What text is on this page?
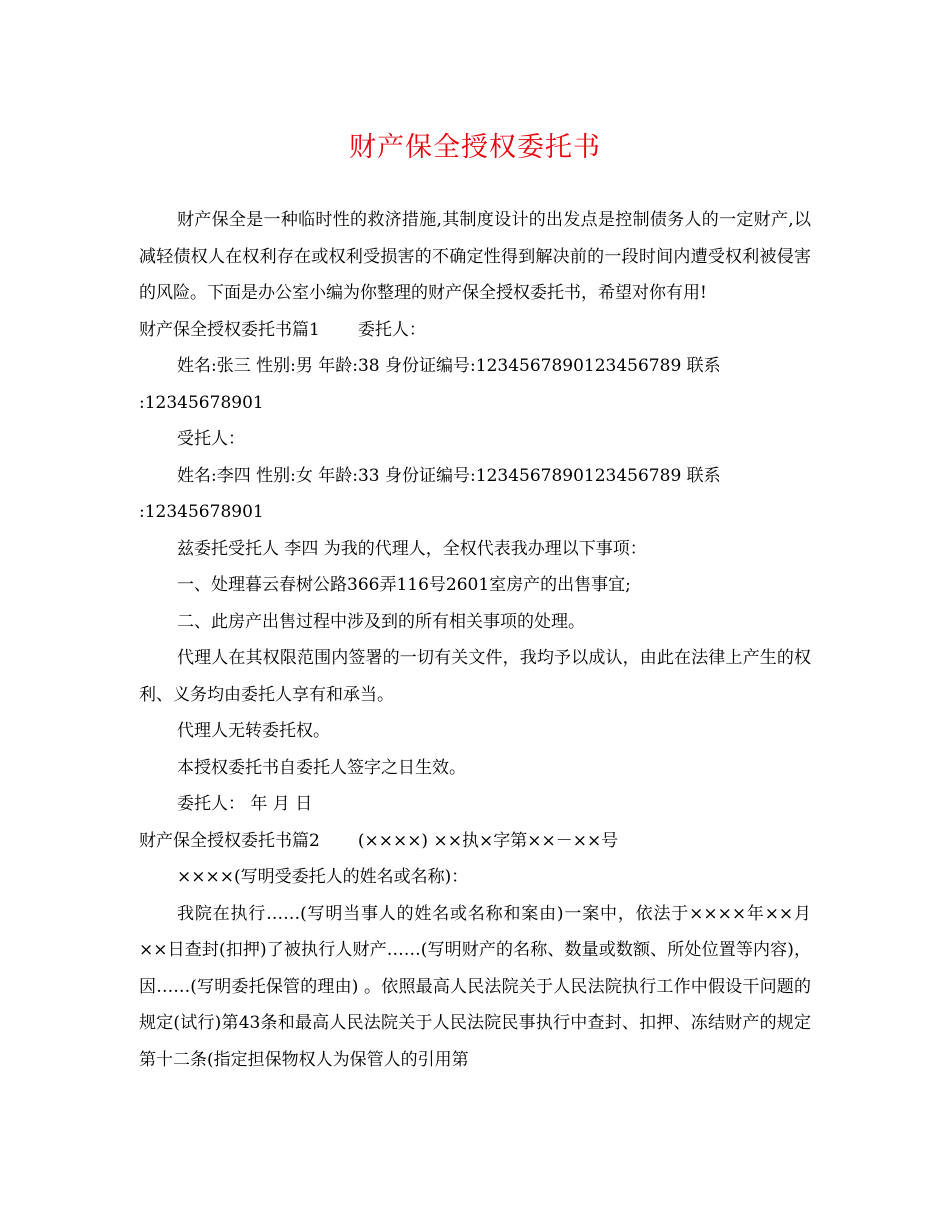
财产保全授权委托书
财产保全是一种临时性的救济措施,其制度设计的出发点是控制债务人的一定财产,以减轻债权人在权利存在或权利受损害的不确定性得到解决前的一段时间内遭受权利被侵害的风险。下面是办公室小编为你整理的财产保全授权委托书，希望对你有用!
财产保全授权委托书篇1 委托人：
姓名:张三 性别:男 年龄:38 身份证编号:1234567890123456789 联系
:12345678901
受托人：
姓名:李四 性别:女 年龄:33 身份证编号:1234567890123456789 联系
:12345678901
兹委托受托人 李四 为我的代理人，全权代表我办理以下事项：
一、处理暮云春树公路366弄116号2601室房产的出售事宜;
二、此房产出售过程中涉及到的所有相关事项的处理。
代理人在其权限范围内签署的一切有关文件，我均予以成认，由此在法律上产生的权利、义务均由委托人享有和承当。
代理人无转委托权。
本授权委托书自委托人签字之日生效。
委托人： 年 月 日
财产保全授权委托书篇2 (××××) ××执×字第××－××号
××××(写明受委托人的姓名或名称)：
我院在执行……(写明当事人的姓名或名称和案由)一案中，依法于××××年××月××日查封(扣押)了被执行人财产……(写明财产的名称、数量或数额、所处位置等内容)，因……(写明委托保管的理由) 。依照最高人民法院关于人民法院执行工作中假设干问题的规定(试行)第43条和最高人民法院关于人民法院民事执行中查封、扣押、冻结财产的规定第十二条(指定担保物权人为保管人的引用第
